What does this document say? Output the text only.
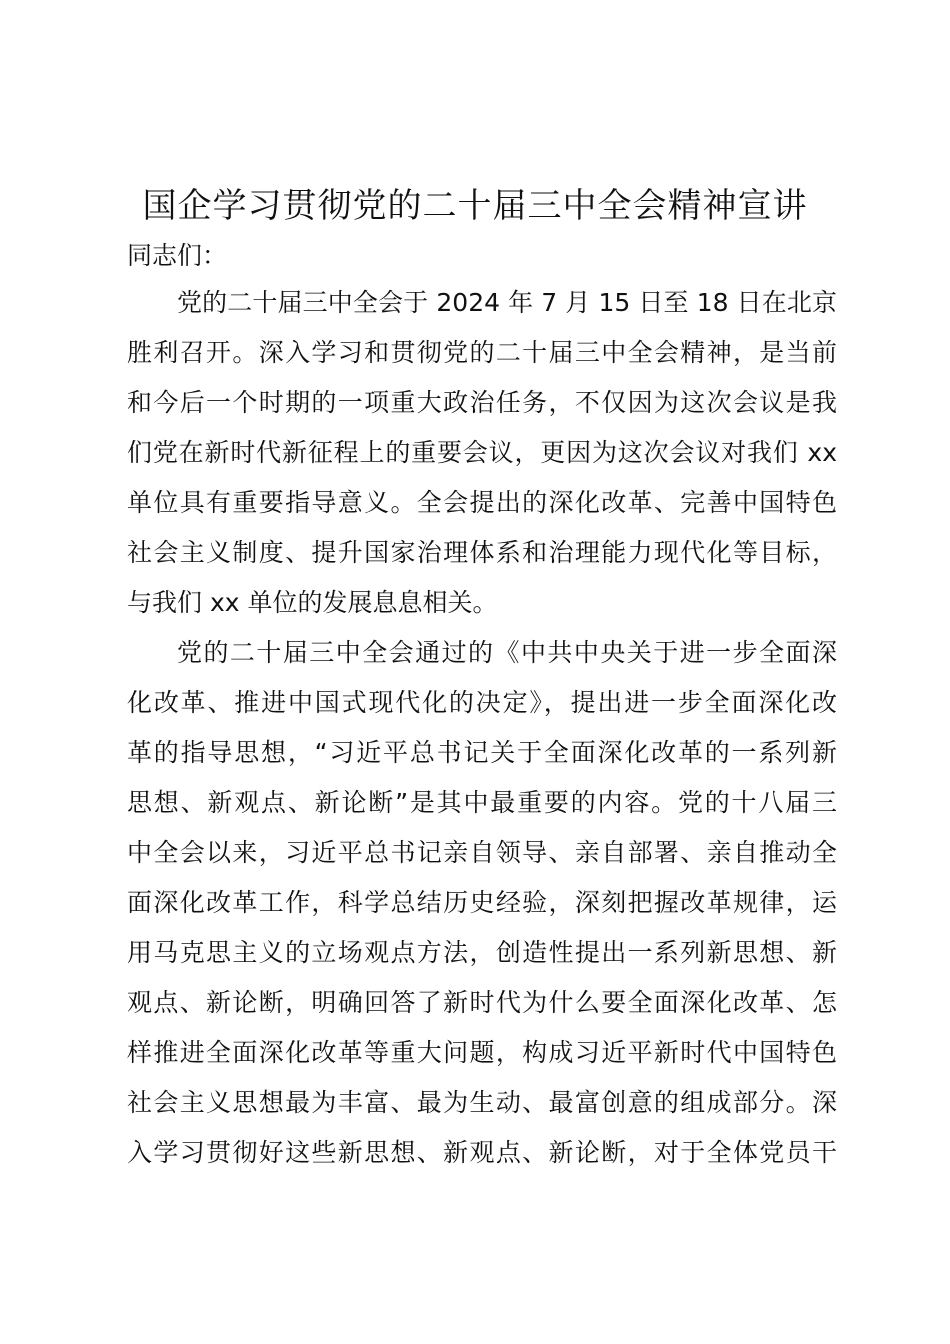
国企学习贯彻党的二十届三中全会精神宣讲
同志们：
党的二十届三中全会于 2024 年 7 月 15 日至 18 日在北京
胜利召开。深入学习和贯彻党的二十届三中全会精神，是当前
和今后一个时期的一项重大政治任务，不仅因为这次会议是我
们党在新时代新征程上的重要会议，更因为这次会议对我们 xx
单位具有重要指导意义。全会提出的深化改革、完善中国特色
社会主义制度、提升国家治理体系和治理能力现代化等目标，
与我们 xx 单位的发展息息相关。
党的二十届三中全会通过的《中共中央关于进一步全面深
化改革、推进中国式现代化的决定》，提出进一步全面深化改
革的指导思想，“习近平总书记关于全面深化改革的一系列新
思想、新观点、新论断”是其中最重要的内容。党的十八届三
中全会以来，习近平总书记亲自领导、亲自部署、亲自推动全
面深化改革工作，科学总结历史经验，深刻把握改革规律，运
用马克思主义的立场观点方法，创造性提出一系列新思想、新
观点、新论断，明确回答了新时代为什么要全面深化改革、怎
样推进全面深化改革等重大问题，构成习近平新时代中国特色
社会主义思想最为丰富、最为生动、最富创意的组成部分。深
入学习贯彻好这些新思想、新观点、新论断，对于全体党员干
